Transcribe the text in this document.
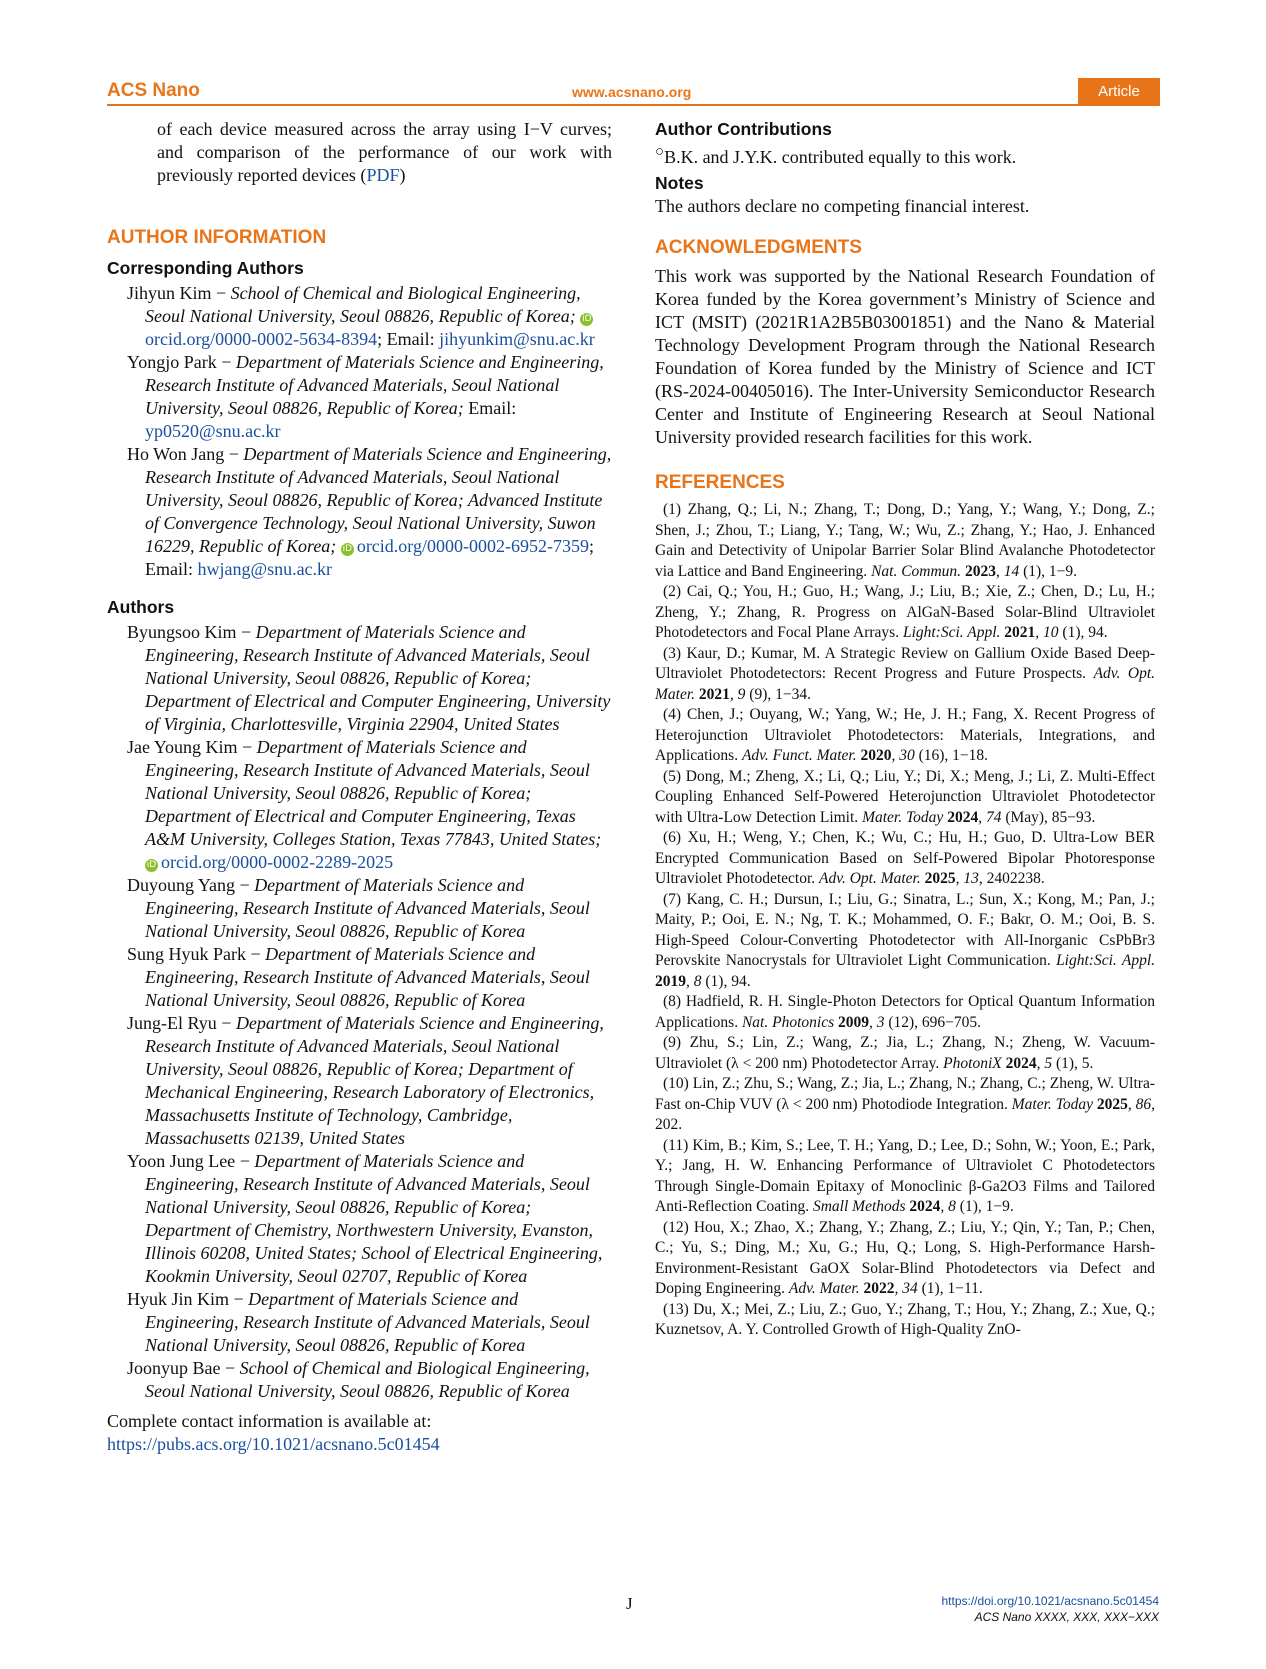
ACS Nano	www.acsnano.org	Article

of each device measured across the array using I−V curves; and comparison of the performance of our work with previously reported devices (PDF)

AUTHOR INFORMATION
Corresponding Authors

Jihyun Kim − School of Chemical and Biological Engineering, Seoul National University, Seoul 08826, Republic of Korea; iDorcid.org/0000-0002-5634-8394; Email: jihyunkim@snu.ac.kr

Yongjo Park − Department of Materials Science and Engineering, Research Institute of Advanced Materials, Seoul National University, Seoul 08826, Republic of Korea; Email: yp0520@snu.ac.kr

Ho Won Jang − Department of Materials Science and Engineering, Research Institute of Advanced Materials, Seoul National University, Seoul 08826, Republic of Korea; Advanced Institute of Convergence Technology, Seoul National University, Suwon 16229, Republic of Korea; iD orcid.org/0000-0002-6952-7359; Email: hwjang@snu.ac.kr

Authors

Byungsoo Kim − Department of Materials Science and Engineering, Research Institute of Advanced Materials, Seoul National University, Seoul 08826, Republic of Korea; Department of Electrical and Computer Engineering, University of Virginia, Charlottesville, Virginia 22904, United States

Jae Young Kim − Department of Materials Science and Engineering, Research Institute of Advanced Materials, Seoul National University, Seoul 08826, Republic of Korea; Department of Electrical and Computer Engineering, Texas A&M University, Colleges Station, Texas 77843, United States; iD orcid.org/0000-0002-2289-2025

Duyoung Yang − Department of Materials Science and Engineering, Research Institute of Advanced Materials, Seoul National University, Seoul 08826, Republic of Korea

Sung Hyuk Park − Department of Materials Science and Engineering, Research Institute of Advanced Materials, Seoul National University, Seoul 08826, Republic of Korea

Jung-El Ryu − Department of Materials Science and Engineering, Research Institute of Advanced Materials, Seoul National University, Seoul 08826, Republic of Korea; Department of Mechanical Engineering, Research Laboratory of Electronics, Massachusetts Institute of Technology, Cambridge, Massachusetts 02139, United States

Yoon Jung Lee − Department of Materials Science and Engineering, Research Institute of Advanced Materials, Seoul National University, Seoul 08826, Republic of Korea; Department of Chemistry, Northwestern University, Evanston, Illinois 60208, United States; School of Electrical Engineering, Kookmin University, Seoul 02707, Republic of Korea

Hyuk Jin Kim − Department of Materials Science and Engineering, Research Institute of Advanced Materials, Seoul National University, Seoul 08826, Republic of Korea

Joonyup Bae − School of Chemical and Biological Engineering, Seoul National University, Seoul 08826, Republic of Korea

Complete contact information is available at:
https://pubs.acs.org/10.1021/acsnano.5c01454

Author Contributions

○B.K. and J.Y.K. contributed equally to this work.

Notes

The authors declare no competing financial interest.

ACKNOWLEDGMENTS

This work was supported by the National Research Foundation of Korea funded by the Korea government’s Ministry of Science and ICT (MSIT) (2021R1A2B5B03001851) and the Nano & Material Technology Development Program through the National Research Foundation of Korea funded by the Ministry of Science and ICT (RS-2024-00405016). The Inter-University Semiconductor Research Center and Institute of Engineering Research at Seoul National University provided research facilities for this work.

REFERENCES

(1) Zhang, Q.; Li, N.; Zhang, T.; Dong, D.; Yang, Y.; Wang, Y.; Dong, Z.; Shen, J.; Zhou, T.; Liang, Y.; Tang, W.; Wu, Z.; Zhang, Y.; Hao, J. Enhanced Gain and Detectivity of Unipolar Barrier Solar Blind Avalanche Photodetector via Lattice and Band Engineering. Nat. Commun. 2023, 14 (1), 1−9.

(2) Cai, Q.; You, H.; Guo, H.; Wang, J.; Liu, B.; Xie, Z.; Chen, D.; Lu, H.; Zheng, Y.; Zhang, R. Progress on AlGaN-Based Solar-Blind Ultraviolet Photodetectors and Focal Plane Arrays. Light:Sci. Appl. 2021, 10 (1), 94.

(3) Kaur, D.; Kumar, M. A Strategic Review on Gallium Oxide Based Deep-Ultraviolet Photodetectors: Recent Progress and Future Prospects. Adv. Opt. Mater. 2021, 9 (9), 1−34.

(4) Chen, J.; Ouyang, W.; Yang, W.; He, J. H.; Fang, X. Recent Progress of Heterojunction Ultraviolet Photodetectors: Materials, Integrations, and Applications. Adv. Funct. Mater. 2020, 30 (16), 1−18.

(5) Dong, M.; Zheng, X.; Li, Q.; Liu, Y.; Di, X.; Meng, J.; Li, Z. Multi-Effect Coupling Enhanced Self-Powered Heterojunction Ultraviolet Photodetector with Ultra-Low Detection Limit. Mater. Today 2024, 74 (May), 85−93.

(6) Xu, H.; Weng, Y.; Chen, K.; Wu, C.; Hu, H.; Guo, D. Ultra-Low BER Encrypted Communication Based on Self-Powered Bipolar Photoresponse Ultraviolet Photodetector. Adv. Opt. Mater. 2025, 13, 2402238.

(7) Kang, C. H.; Dursun, I.; Liu, G.; Sinatra, L.; Sun, X.; Kong, M.; Pan, J.; Maity, P.; Ooi, E. N.; Ng, T. K.; Mohammed, O. F.; Bakr, O. M.; Ooi, B. S. High-Speed Colour-Converting Photodetector with All-Inorganic CsPbBr3 Perovskite Nanocrystals for Ultraviolet Light Communication. Light:Sci. Appl. 2019, 8 (1), 94.

(8) Hadfield, R. H. Single-Photon Detectors for Optical Quantum Information Applications. Nat. Photonics 2009, 3 (12), 696−705.

(9) Zhu, S.; Lin, Z.; Wang, Z.; Jia, L.; Zhang, N.; Zheng, W. Vacuum-Ultraviolet (λ < 200 nm) Photodetector Array. PhotoniX 2024, 5 (1), 5.

(10) Lin, Z.; Zhu, S.; Wang, Z.; Jia, L.; Zhang, N.; Zhang, C.; Zheng, W. Ultra-Fast on-Chip VUV (λ < 200 nm) Photodiode Integration. Mater. Today 2025, 86, 202.

(11) Kim, B.; Kim, S.; Lee, T. H.; Yang, D.; Lee, D.; Sohn, W.; Yoon, E.; Park, Y.; Jang, H. W. Enhancing Performance of Ultraviolet C Photodetectors Through Single-Domain Epitaxy of Monoclinic β-Ga2O3 Films and Tailored Anti-Reflection Coating. Small Methods 2024, 8 (1), 1−9.

(12) Hou, X.; Zhao, X.; Zhang, Y.; Zhang, Z.; Liu, Y.; Qin, Y.; Tan, P.; Chen, C.; Yu, S.; Ding, M.; Xu, G.; Hu, Q.; Long, S. High-Performance Harsh-Environment-Resistant GaOX Solar-Blind Photodetectors via Defect and Doping Engineering. Adv. Mater. 2022, 34 (1), 1−11.

(13) Du, X.; Mei, Z.; Liu, Z.; Guo, Y.; Zhang, T.; Hou, Y.; Zhang, Z.; Xue, Q.; Kuznetsov, A. Y. Controlled Growth of High-Quality ZnO-

J	https://doi.org/10.1021/acsnano.5c01454
ACS Nano XXXX, XXX, XXX−XXX
